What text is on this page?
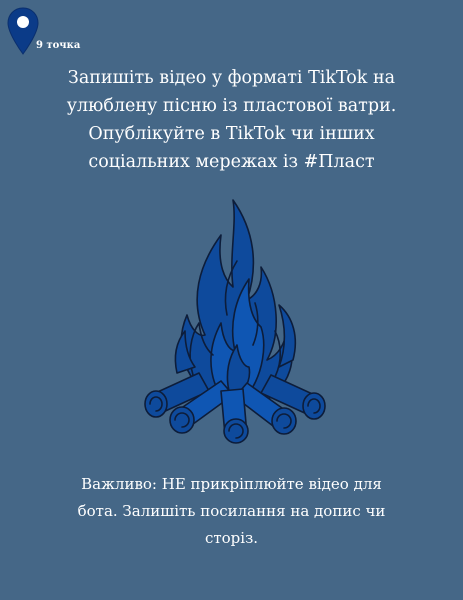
9 точка
Запишіть відео у форматі TikTok на
улюблену пісню із пластової ватри.
Опублікуйте в TikTok чи інших
соціальних мережах із #Пласт
Важливо: НЕ прикріплюйте відео для
бота. Залишіть посилання на допис чи
сторіз.
